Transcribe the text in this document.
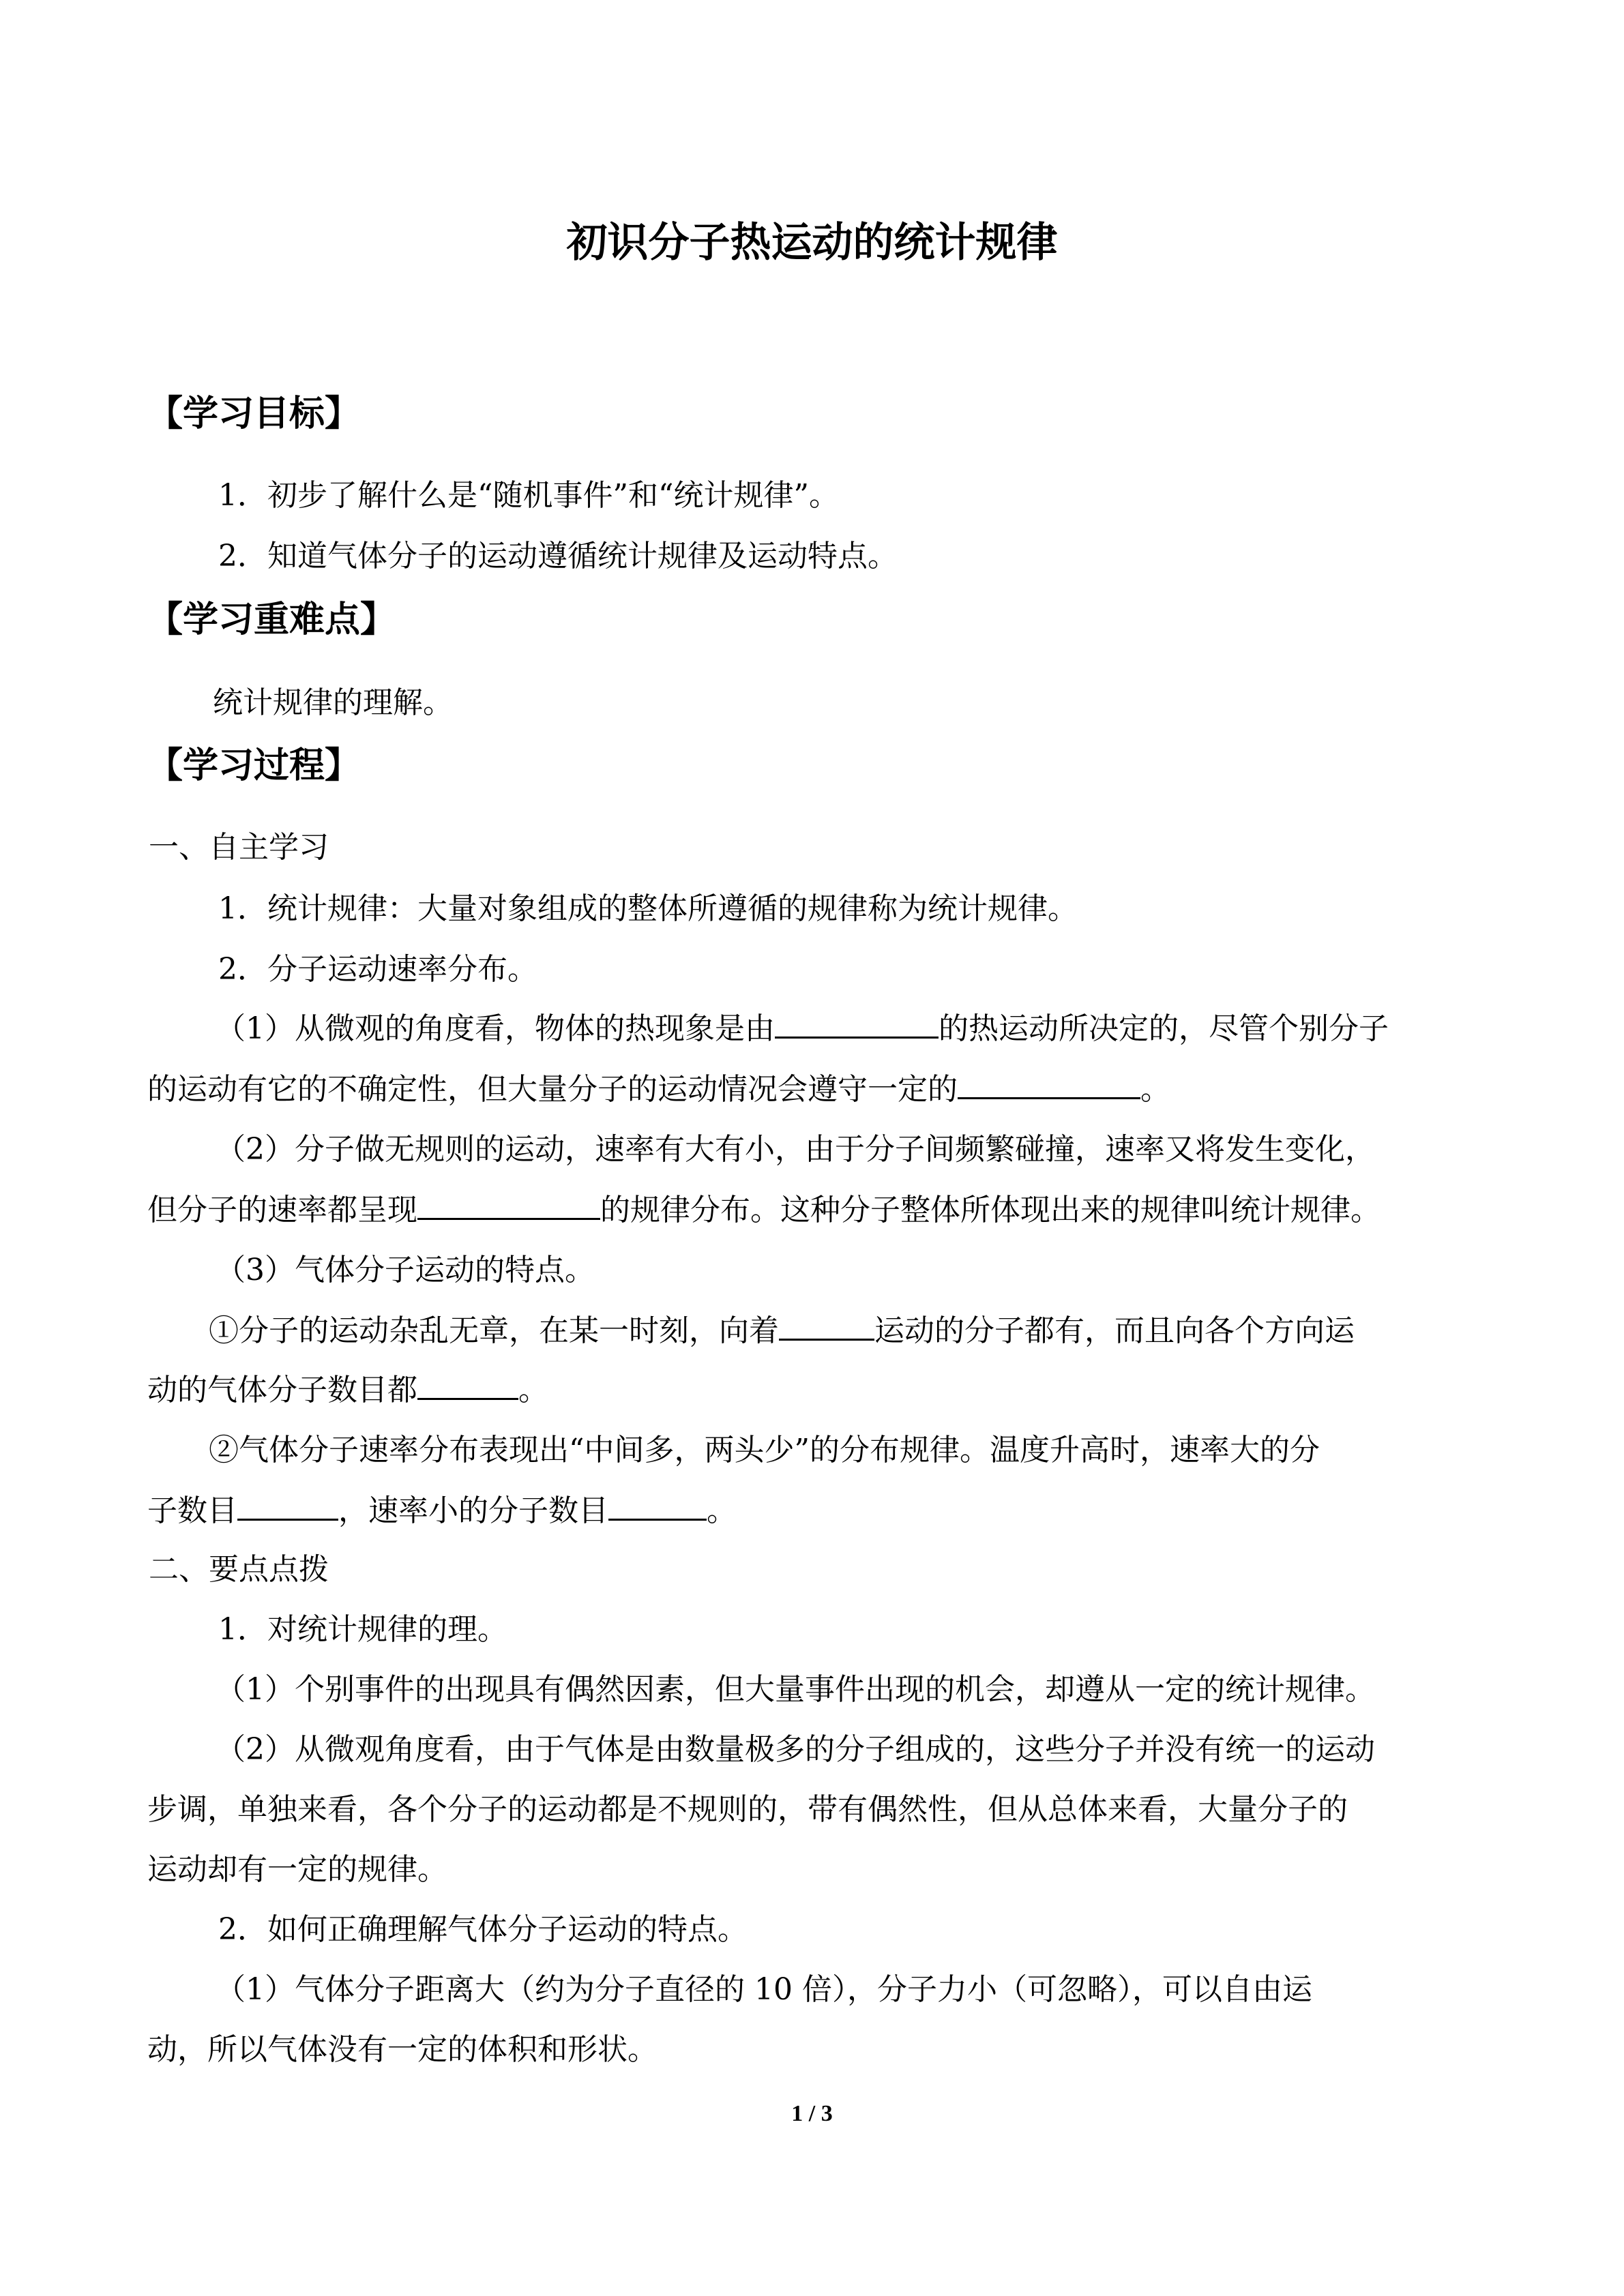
初识分子热运动的统计规律
【学习目标】
1．初步了解什么是“随机事件”和“统计规律”。
2．知道气体分子的运动遵循统计规律及运动特点。
【学习重难点】
统计规律的理解。
【学习过程】
一、自主学习
1．统计规律：大量对象组成的整体所遵循的规律称为统计规律。
2．分子运动速率分布。
（1）从微观的角度看，物体的热现象是由	的热运动所决定的，尽管个别分子
的运动有它的不确定性，但大量分子的运动情况会遵守一定的	。
（2）分子做无规则的运动，速率有大有小，由于分子间频繁碰撞，速率又将发生变化，
但分子的速率都呈现	的规律分布。这种分子整体所体现出来的规律叫统计规律。
（3）气体分子运动的特点。
①分子的运动杂乱无章，在某一时刻，向着	运动的分子都有，而且向各个方向运
动的气体分子数目都	。
②气体分子速率分布表现出“中间多，两头少”的分布规律。温度升高时，速率大的分
子数目	，速率小的分子数目	。
二、要点点拨
1．对统计规律的理。
（1）个别事件的出现具有偶然因素，但大量事件出现的机会，却遵从一定的统计规律。
（2）从微观角度看，由于气体是由数量极多的分子组成的，这些分子并没有统一的运动
步调，单独来看，各个分子的运动都是不规则的，带有偶然性，但从总体来看，大量分子的
运动却有一定的规律。
2．如何正确理解气体分子运动的特点。
（1）气体分子距离大（约为分子直径的 10 倍），分子力小（可忽略），可以自由运
动，所以气体没有一定的体积和形状。
1 / 3
